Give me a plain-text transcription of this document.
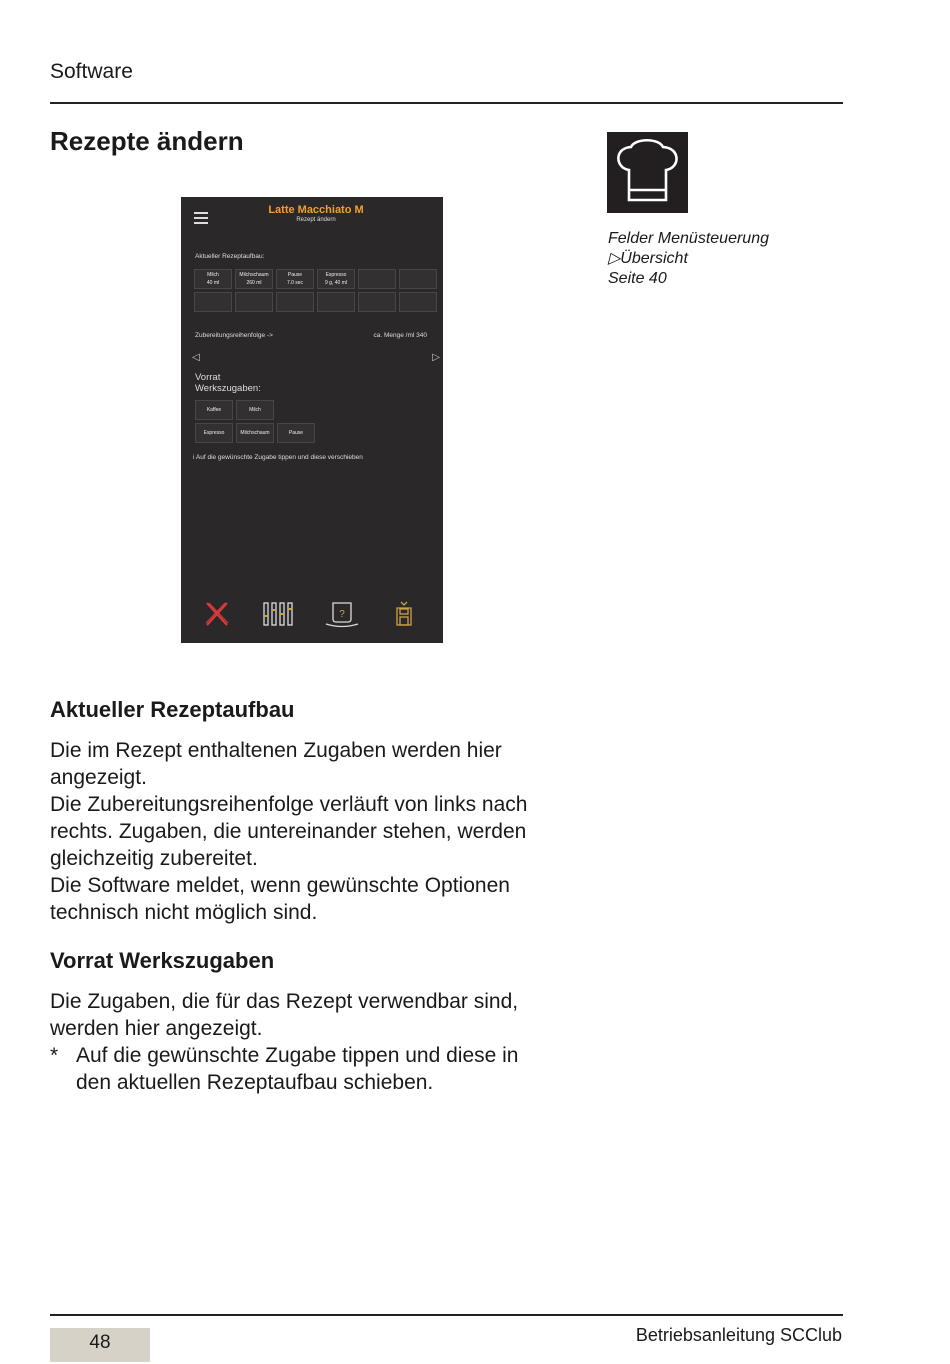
Software
Rezepte ändern
Latte Macchiato M
Rezept ändern
Aktueller Rezeptaufbau:
Milch
40 ml
Milchschaum
260 ml
Pause
7.0 sec
Espresso
9 g, 40 ml
Zubereitungsreihenfolge ->	ca. Menge /ml 340
◁	▷
Vorrat
Werkszugaben:
Kaffee	Milch
Espresso	Milchschaum	Pause
i Auf die gewünschte Zugabe tippen und diese verschieben
?
Felder Menüsteuerung
▷Übersicht
Seite 40
Aktueller Rezeptaufbau
Die im Rezept enthaltenen Zugaben werden hier
angezeigt.
Die Zubereitungsreihenfolge verläuft von links nach
rechts. Zugaben, die untereinander stehen, werden
gleichzeitig zubereitet.
Die Software meldet, wenn gewünschte Optionen
technisch nicht möglich sind.
Vorrat Werkszugaben
Die Zugaben, die für das Rezept verwendbar sind,
werden hier angezeigt.
* Auf die gewünschte Zugabe tippen und diese in
den aktuellen Rezeptaufbau schieben.
48	Betriebsanleitung SCClub
